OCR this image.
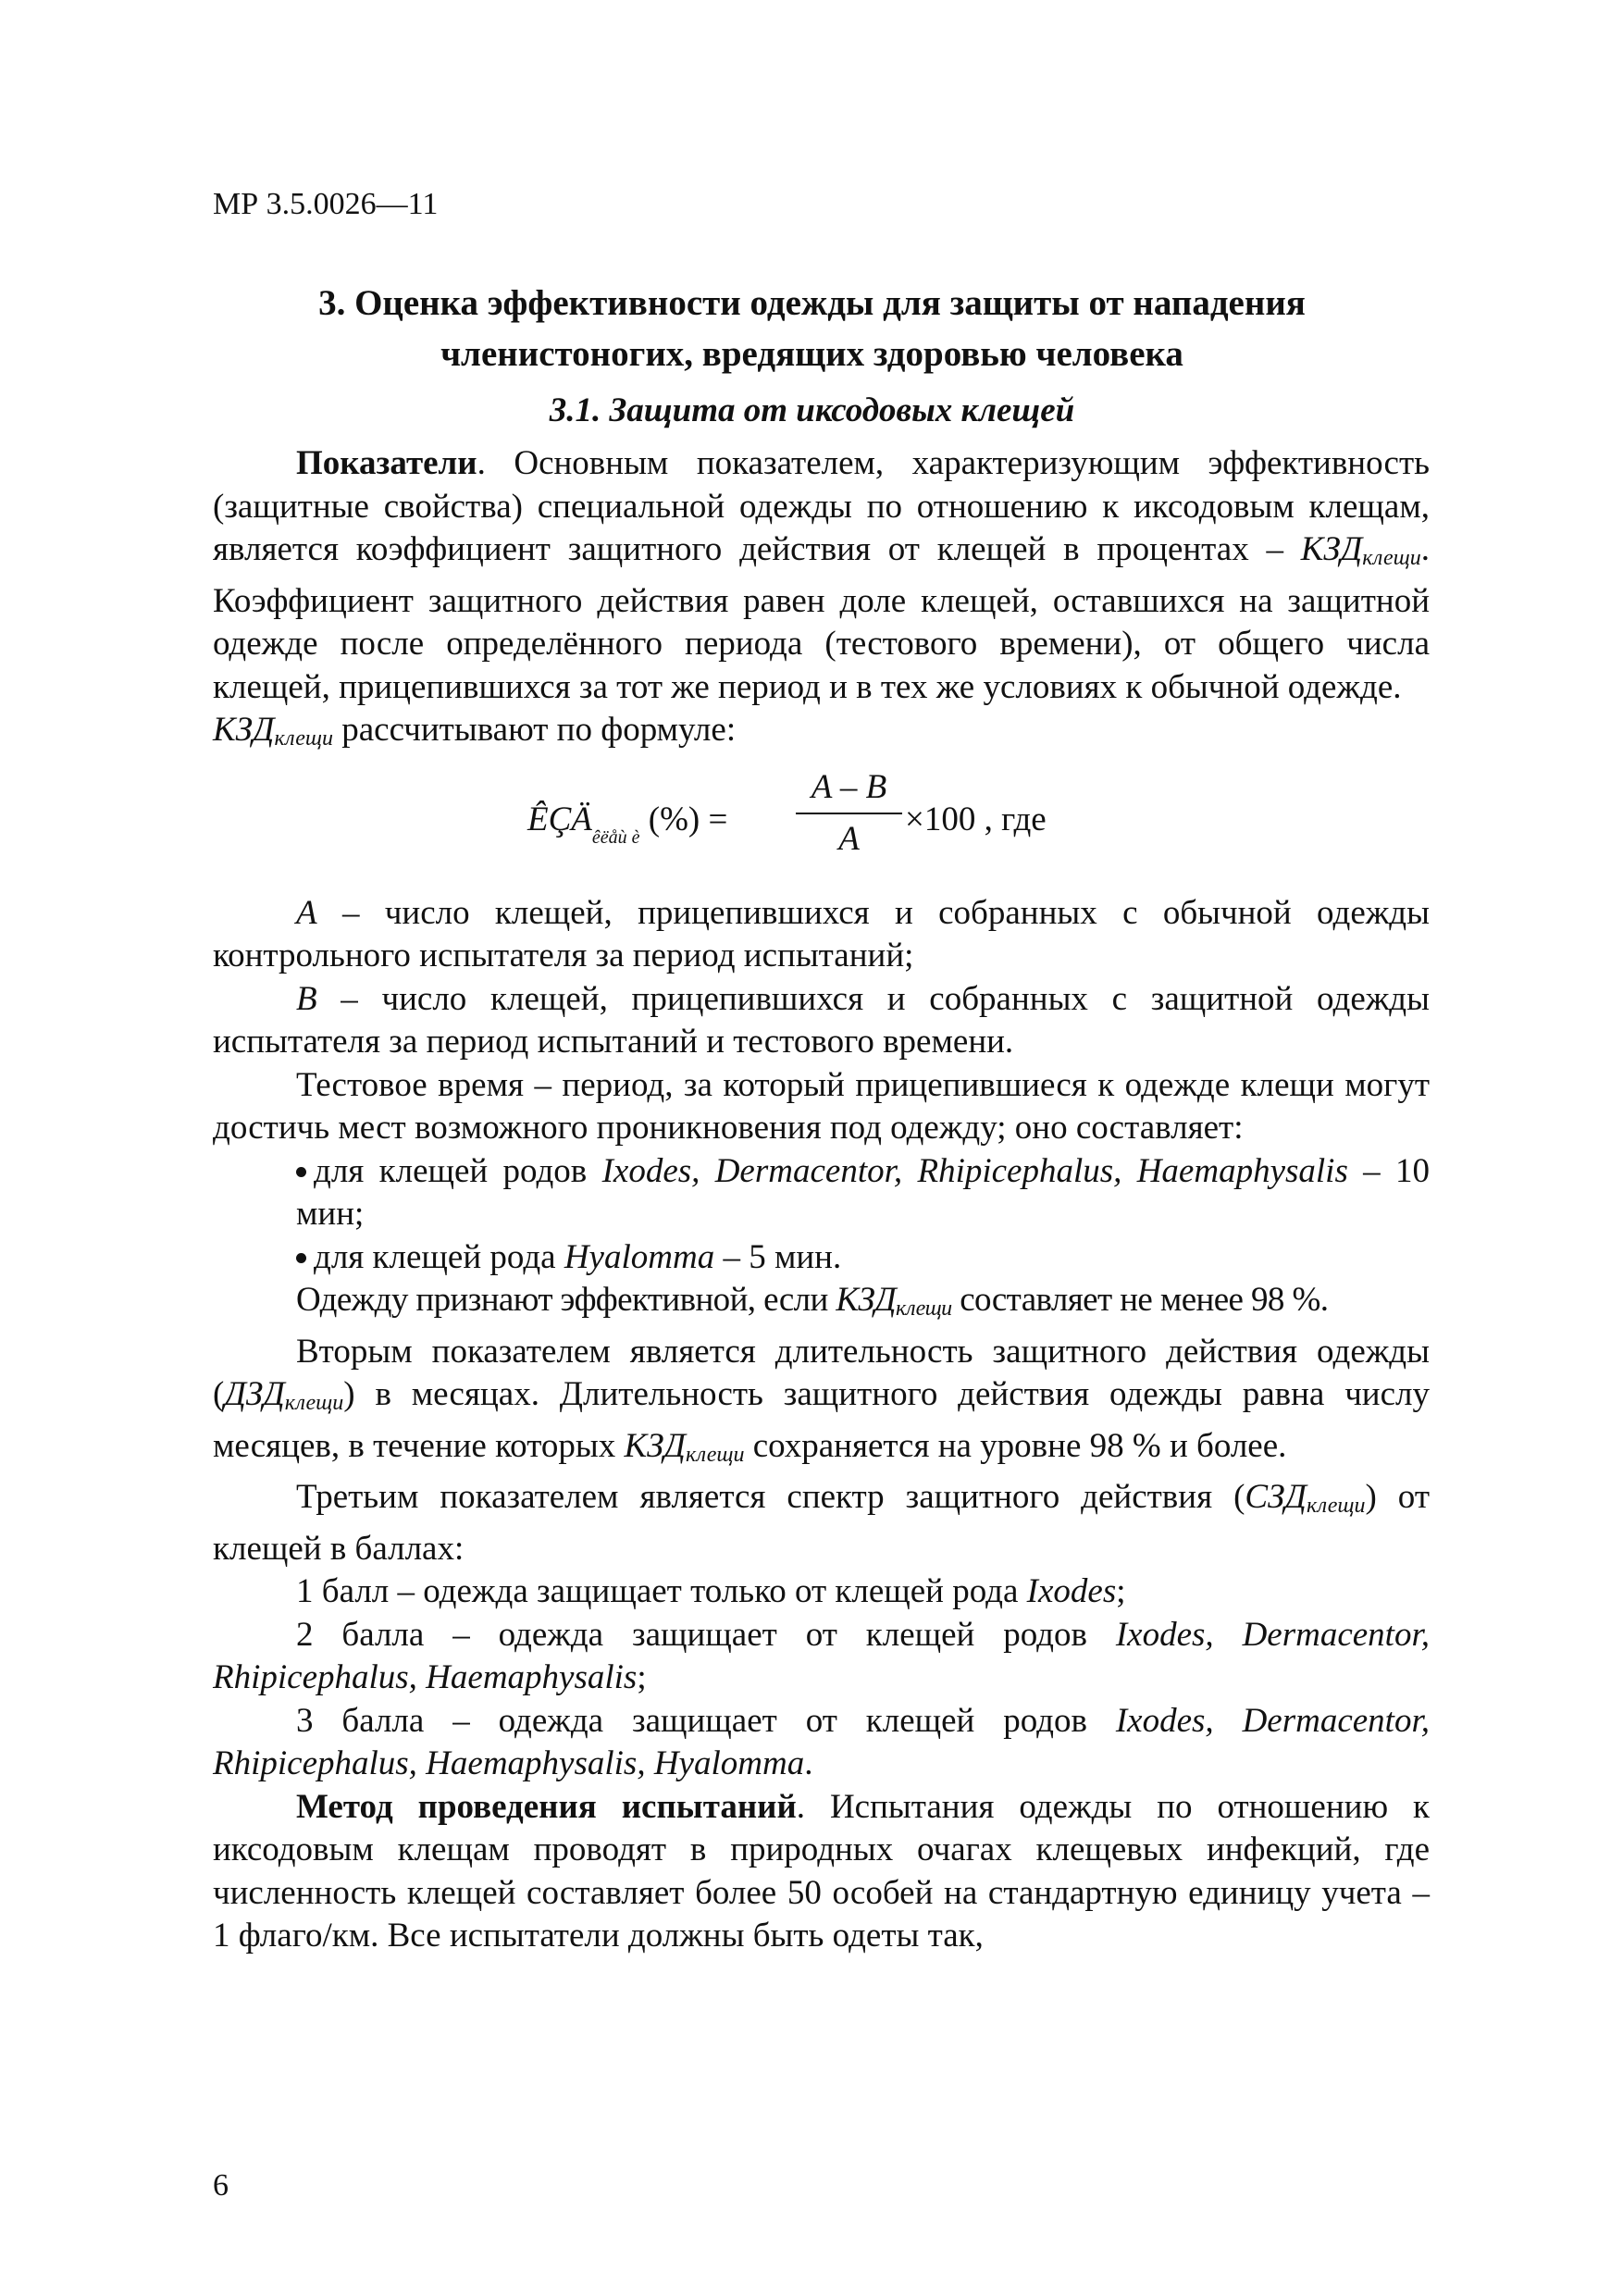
МР 3.5.0026—11
3. Оценка эффективности одежды для защиты от нападения
членистоногих, вредящих здоровью человека
3.1. Защита от иксодовых клещей

Показатели. Основным показателем, характеризующим эффективность (защитные свойства) специальной одежды по отношению к иксодовым клещам, является коэффициент защитного действия от клещей в процентах – $КЗД_{клещи}$. Коэффициент защитного действия равен доле клещей, оставшихся на защитной одежде после определённого периода (тестового времени), от общего числа клещей, прицепившихся за тот же период и в тех же условиях к обычной одежде.

$КЗД_{клещи}$ рассчитывают по формуле:

$ÊÇÄ_{êëåù è}$ (%) =
A – B
A
×100 , где

A – число клещей, прицепившихся и собранных с обычной одежды контрольного испытателя за период испытаний;

B – число клещей, прицепившихся и собранных с защитной одежды испытателя за период испытаний и тестового времени.

Тестовое время – период, за который прицепившиеся к одежде клещи могут достичь мест возможного проникновения под одежду; оно составляет:

для клещей родов Ixodes, Dermacentor, Rhipicephalus, Haemaphysalis – 10 мин;

для клещей рода Hyalomma – 5 мин.

Одежду признают эффективной, если $КЗД_{клещи}$ составляет не менее 98 %.

Вторым показателем является длительность защитного действия одежды $(ДЗД_{клещи})$ в месяцах. Длительность защитного действия одежды равна числу месяцев, в течение которых $КЗД_{клещи}$ сохраняется на уровне 98 % и более.

Третьим показателем является спектр защитного действия $(СЗД_{клещи})$ от клещей в баллах:

1 балл – одежда защищает только от клещей рода Ixodes;

2 балла – одежда защищает от клещей родов Ixodes, Dermacentor, Rhipicephalus, Haemaphysalis;

3 балла – одежда защищает от клещей родов Ixodes, Dermacentor, Rhipicephalus, Haemaphysalis, Hyalomma.

Метод проведения испытаний. Испытания одежды по отношению к иксодовым клещам проводят в природных очагах клещевых инфекций, где численность клещей составляет более 50 особей на стандартную единицу учета – 1 флаго/км. Все испытатели должны быть одеты так,

6
